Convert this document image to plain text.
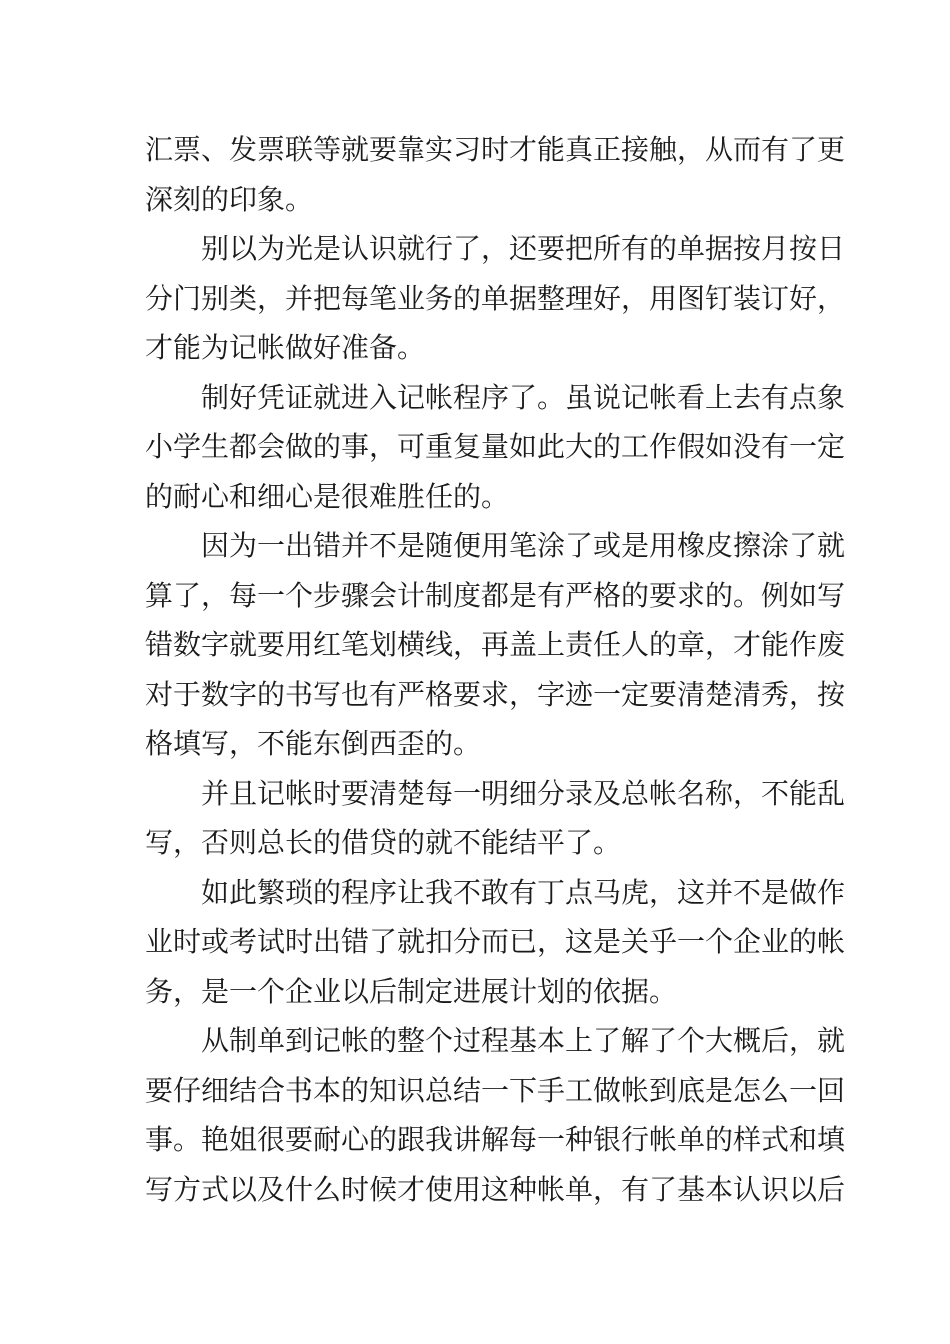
汇票、发票联等就要靠实习时才能真正接触，从而有了更
深刻的印象。

别以为光是认识就行了，还要把所有的单据按月按日
分门别类，并把每笔业务的单据整理好，用图钉装订好，
才能为记帐做好准备。

制好凭证就进入记帐程序了。虽说记帐看上去有点象
小学生都会做的事，可重复量如此大的工作假如没有一定
的耐心和细心是很难胜任的。

因为一出错并不是随便用笔涂了或是用橡皮擦涂了就
算了，每一个步骤会计制度都是有严格的要求的。例如写
错数字就要用红笔划横线，再盖上责任人的章，才能作废
对于数字的书写也有严格要求，字迹一定要清楚清秀，按
格填写，不能东倒西歪的。

并且记帐时要清楚每一明细分录及总帐名称，不能乱
写，否则总长的借贷的就不能结平了。

如此繁琐的程序让我不敢有丁点马虎，这并不是做作
业时或考试时出错了就扣分而已，这是关乎一个企业的帐
务，是一个企业以后制定进展计划的依据。

从制单到记帐的整个过程基本上了解了个大概后，就
要仔细结合书本的知识总结一下手工做帐到底是怎么一回
事。艳姐很要耐心的跟我讲解每一种银行帐单的样式和填
写方式以及什么时候才使用这种帐单，有了基本认识以后
